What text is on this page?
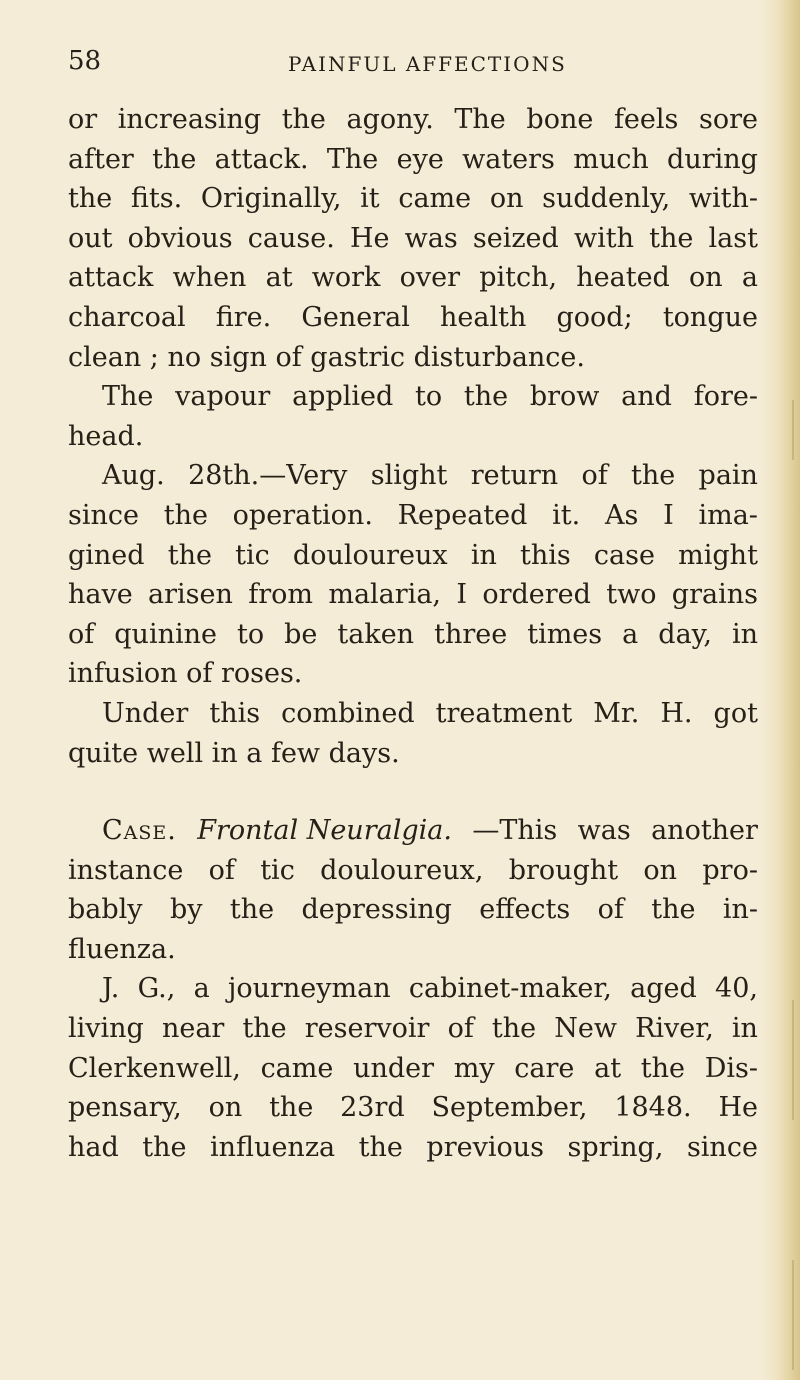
58	PAINFUL AFFECTIONS
or increasing the agony. The bone feels sore
after the attack. The eye waters much during
the fits. Originally, it came on suddenly, with-
out obvious cause. He was seized with the last
attack when at work over pitch, heated on a
charcoal fire. General health good; tongue
clean ; no sign of gastric disturbance.
The vapour applied to the brow and fore-
head.
Aug. 28th.—Very slight return of the pain
since the operation. Repeated it. As I ima-
gined the tic douloureux in this case might
have arisen from malaria, I ordered two grains
of quinine to be taken three times a day, in
infusion of roses.
Under this combined treatment Mr. H. got
quite well in a few days.
Case. Frontal Neuralgia. —This was another
instance of tic douloureux, brought on pro-
bably by the depressing effects of the in-
fluenza.
J. G., a journeyman cabinet-maker, aged 40,
living near the reservoir of the New River, in
Clerkenwell, came under my care at the Dis-
pensary, on the 23rd September, 1848. He
had the influenza the previous spring, since
